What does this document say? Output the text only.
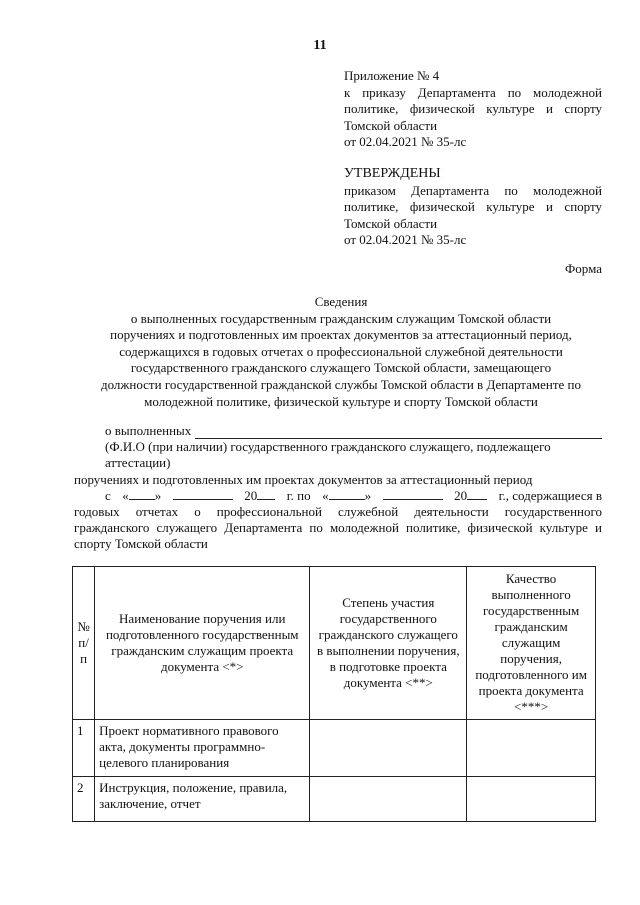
11
Приложение № 4
к приказу Департамента по молодежной политике, физической культуре и спорту Томской области
от 02.04.2021 № 35-лс
УТВЕРЖДЕНЫ
приказом Департамента по молодежной политике, физической культуре и спорту Томской области
от 02.04.2021 № 35-лс
Форма
Сведения
о выполненных государственным гражданским служащим Томской области
поручениях и подготовленных им проектах документов за аттестационный период,
содержащихся в годовых отчетах о профессиональной служебной деятельности
государственного гражданского служащего Томской области, замещающего
должности государственной гражданской службы Томской области в Департаменте по
молодежной политике, физической культуре и спорту Томской области
о выполненных
(Ф.И.О (при наличии) государственного гражданского служащего, подлежащего аттестации)
поручениях и подготовленных им проектах документов за аттестационный период
с « »	20	г. по «	»	20	г., содержащиеся в
годовых отчетах о профессиональной служебной деятельности государственного гражданского служащего Департамента по молодежной политике, физической культуре и спорту Томской области
№ п/п	Наименование поручения или подготовленного государственным гражданским служащим проекта документа <*>	Степень участия государственного гражданского служащего в выполнении поручения, в подготовке проекта документа <**>	Качество выполненного государственным гражданским служащим поручения, подготовленного им проекта документа <***>
1	Проект нормативного правового акта, документы программно-целевого планирования		
2	Инструкция, положение, правила, заключение, отчет		
